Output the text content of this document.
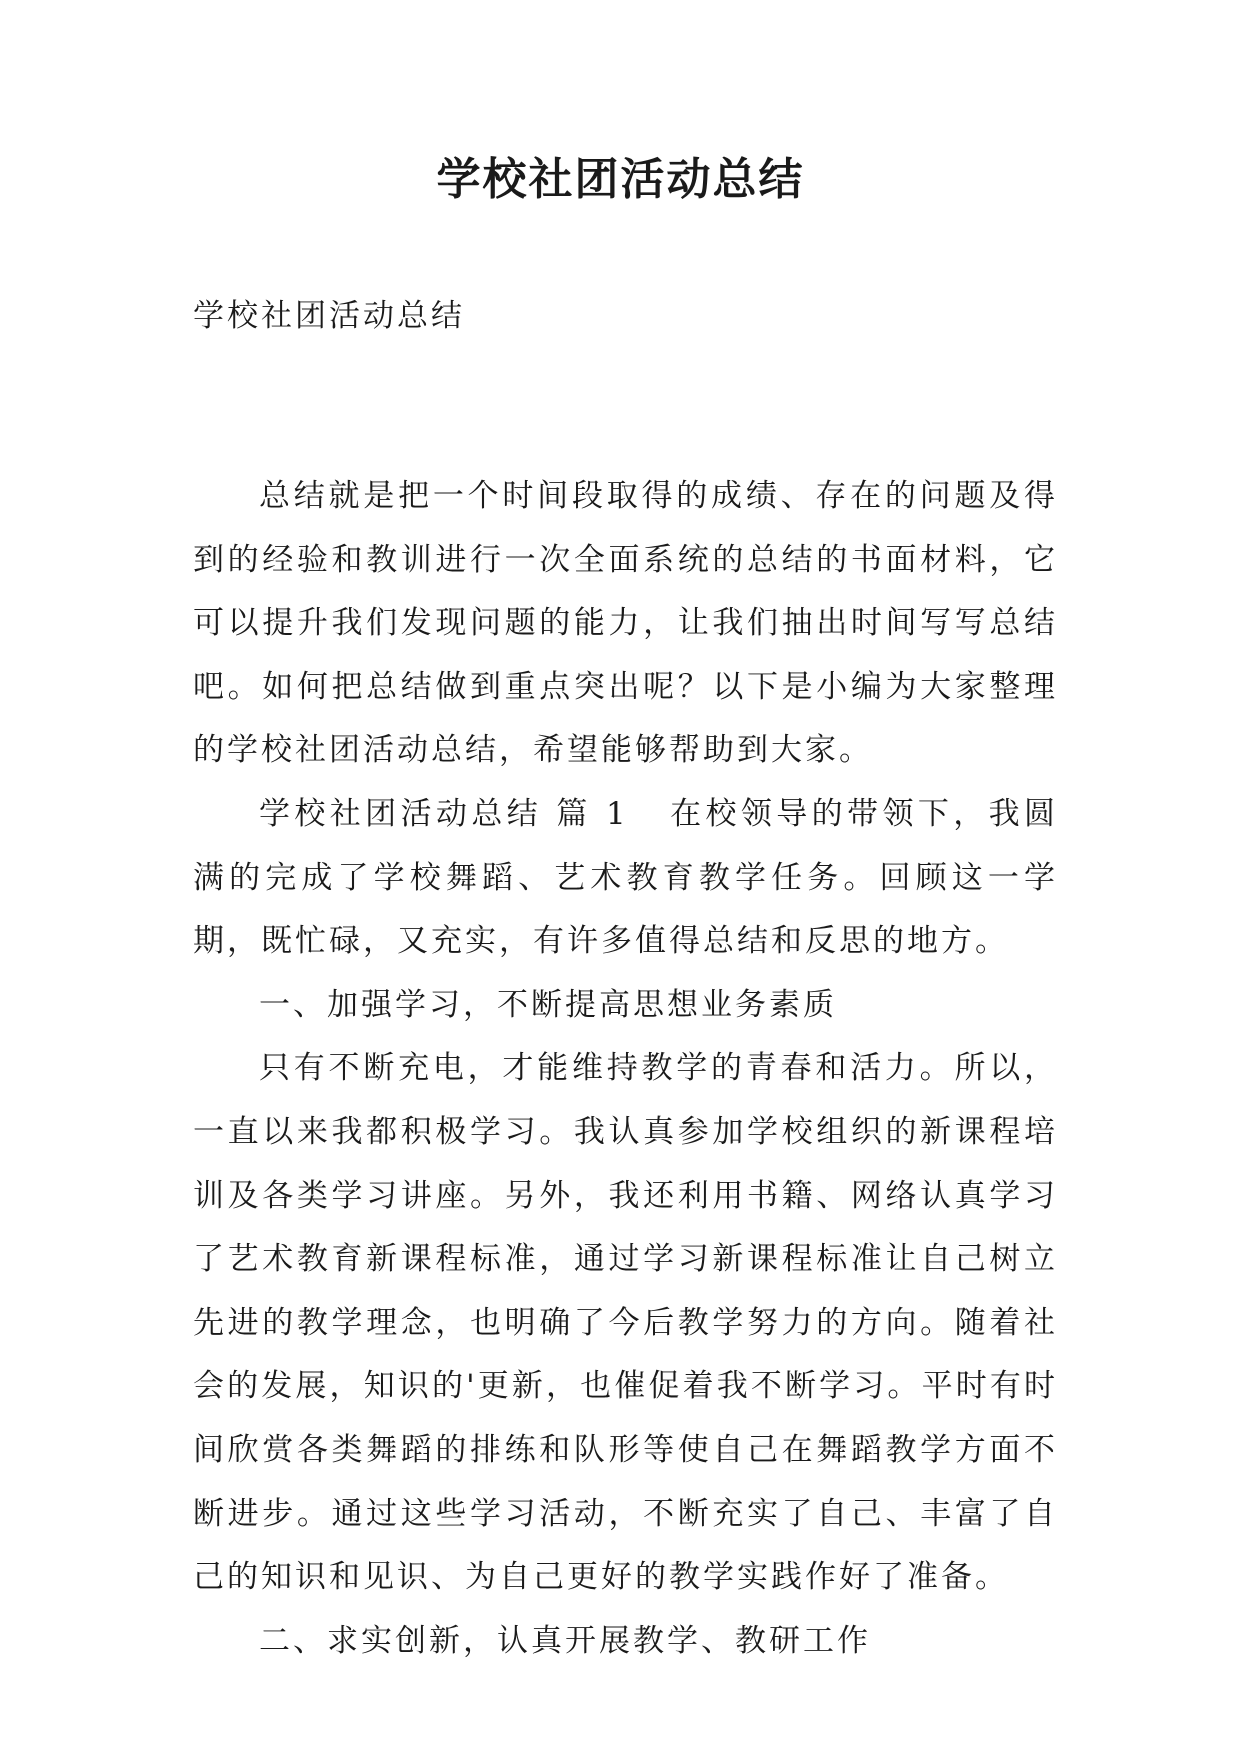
学校社团活动总结
学校社团活动总结

总结就是把一个时间段取得的成绩、存在的问题及得到的经验和教训进行一次全面系统的总结的书面材料，它可以提升我们发现问题的能力，让我们抽出时间写写总结吧。如何把总结做到重点突出呢？以下是小编为大家整理的学校社团活动总结，希望能够帮助到大家。

学校社团活动总结 篇 1 在校领导的带领下，我圆满的完成了学校舞蹈、艺术教育教学任务。回顾这一学期，既忙碌，又充实，有许多值得总结和反思的地方。

一、加强学习，不断提高思想业务素质

只有不断充电，才能维持教学的青春和活力。所以，一直以来我都积极学习。我认真参加学校组织的新课程培训及各类学习讲座。另外，我还利用书籍、网络认真学习了艺术教育新课程标准，通过学习新课程标准让自己树立先进的教学理念，也明确了今后教学努力的方向。随着社会的发展，知识的'更新，也催促着我不断学习。平时有时间欣赏各类舞蹈的排练和队形等使自己在舞蹈教学方面不断进步。通过这些学习活动，不断充实了自己、丰富了自己的知识和见识、为自己更好的教学实践作好了准备。

二、求实创新，认真开展教学、教研工作
